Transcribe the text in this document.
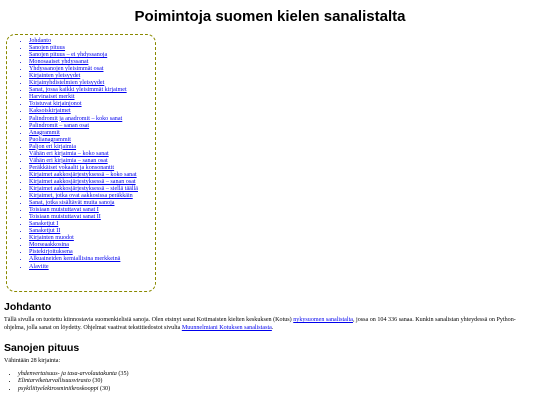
Poimintoja suomen kielen sanalistalta
• Johdanto
• Sanojen pituus
• Sanojen pituus – ei yhdyssanoja
• Monosaaiset yhdyssanat
• Yhdyssanojen yleisimmät osat
• Kirjainten yleisyydet
• Kirjainyhdistelmien yleisyydet
• Sanat, jossa kaikki yleisimmät kirjaimet
• Harvinaiset merkit
• Toistuvat kirjainjonot
• Kaksoiskirjaimet
• Palindromit ja anadromit – koko sanat
• Palindromit – sanan osat
• Anagrammit
• Puolianagrammit
• Paljon eri kirjaimia
• Vähän eri kirjaimia – koko sanat
• Vähän eri kirjaimia – sanan osat
• Peräkkäiset vokaalit ja konsonantit
• Kirjaimet aakkosjärjestyksessä – koko sanat
• Kirjaimet aakkosjärjestyksessä – sanan osat
• Kirjaimet aakkosjärjestyksessä – siellä täällä
• Kirjaimet, jotka ovat aakkosissa peräkkäin
• Sanat, jotka sisältävät muita sanoja
• Toisiaan muistuttavat sanat I
• Toisiaan muistuttavat sanat II
• Sanaketjut I
• Sanaketjut II
• Kirjainten muodot
• Morseaakkosina
• Pistekirjoituksena
• Alkuaineiden kemiallisina merkkeinä
• Alaviite
Johdanto

Tällä sivulla on tuotettu kiinnostavia suomenkielisiä sanoja. Olen etsinyt sanat Kotimaisten kielten keskuksen (Kotus) nykysuomen sanalistalta, jossa on 104 336 sanaa. Kunkin sanalistan yhteydessä on Python-ohjelma, jolla sanat on löydetty. Ohjelmat vaativat tekstitiedostot sivulta Muunnelmiani Kotuksen sanalistasta.

Sanojen pituus

Vähintään 28 kirjainta:

• yhdenvertaisuus- ja tasa-arvolautakunta (35)
• Elintarviketurvallisuusvirasto (30)
• psykiliityelektrosminiikroskooppi (30)
